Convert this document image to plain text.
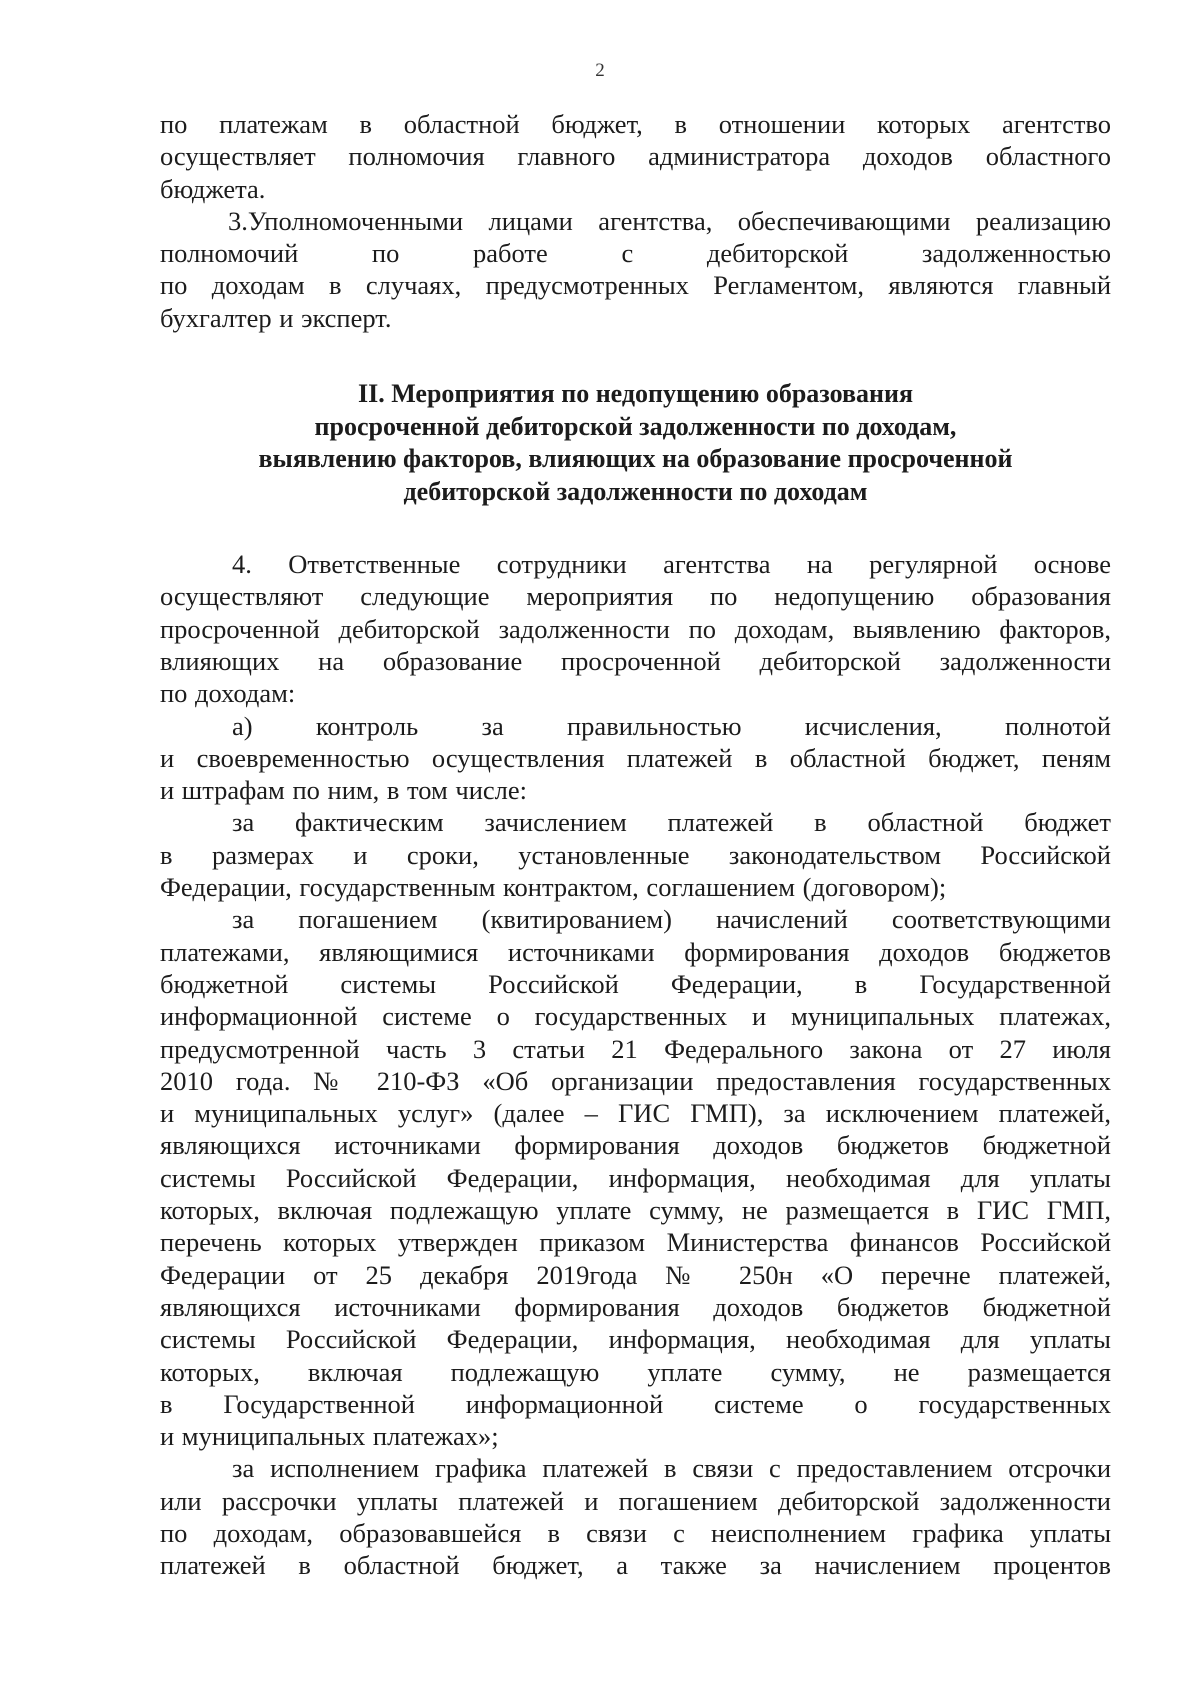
2
по платежам в областной бюджет, в отношении которых агентство
осуществляет полномочия главного администратора доходов областного
бюджета.
3.Уполномоченными лицами агентства, обеспечивающими реализацию
полномочий по работе с дебиторской задолженностью
по доходам в случаях, предусмотренных Регламентом, являются главный
бухгалтер и эксперт.
II. Мероприятия по недопущению образования
просроченной дебиторской задолженности по доходам,
выявлению факторов, влияющих на образование просроченной
дебиторской задолженности по доходам
4. Ответственные сотрудники агентства на регулярной основе
осуществляют следующие мероприятия по недопущению образования
просроченной дебиторской задолженности по доходам, выявлению факторов,
влияющих на образование просроченной дебиторской задолженности
по доходам:
а) контроль за правильностью исчисления, полнотой
и своевременностью осуществления платежей в областной бюджет, пеням
и штрафам по ним, в том числе:
за фактическим зачислением платежей в областной бюджет
в размерах и сроки, установленные законодательством Российской
Федерации, государственным контрактом, соглашением (договором);
за погашением (квитированием) начислений соответствующими
платежами, являющимися источниками формирования доходов бюджетов
бюджетной системы Российской Федерации, в Государственной
информационной системе о государственных и муниципальных платежах,
предусмотренной часть 3 статьи 21 Федерального закона от 27 июля
2010 года. № 210-ФЗ «Об организации предоставления государственных
и муниципальных услуг» (далее – ГИС ГМП), за исключением платежей,
являющихся источниками формирования доходов бюджетов бюджетной
системы Российской Федерации, информация, необходимая для уплаты
которых, включая подлежащую уплате сумму, не размещается в ГИС ГМП,
перечень которых утвержден приказом Министерства финансов Российской
Федерации от 25 декабря 2019года № 250н «О перечне платежей,
являющихся источниками формирования доходов бюджетов бюджетной
системы Российской Федерации, информация, необходимая для уплаты
которых, включая подлежащую уплате сумму, не размещается
в Государственной информационной системе о государственных
и муниципальных платежах»;
за исполнением графика платежей в связи с предоставлением отсрочки
или рассрочки уплаты платежей и погашением дебиторской задолженности
по доходам, образовавшейся в связи с неисполнением графика уплаты
платежей в областной бюджет, а также за начислением процентов
